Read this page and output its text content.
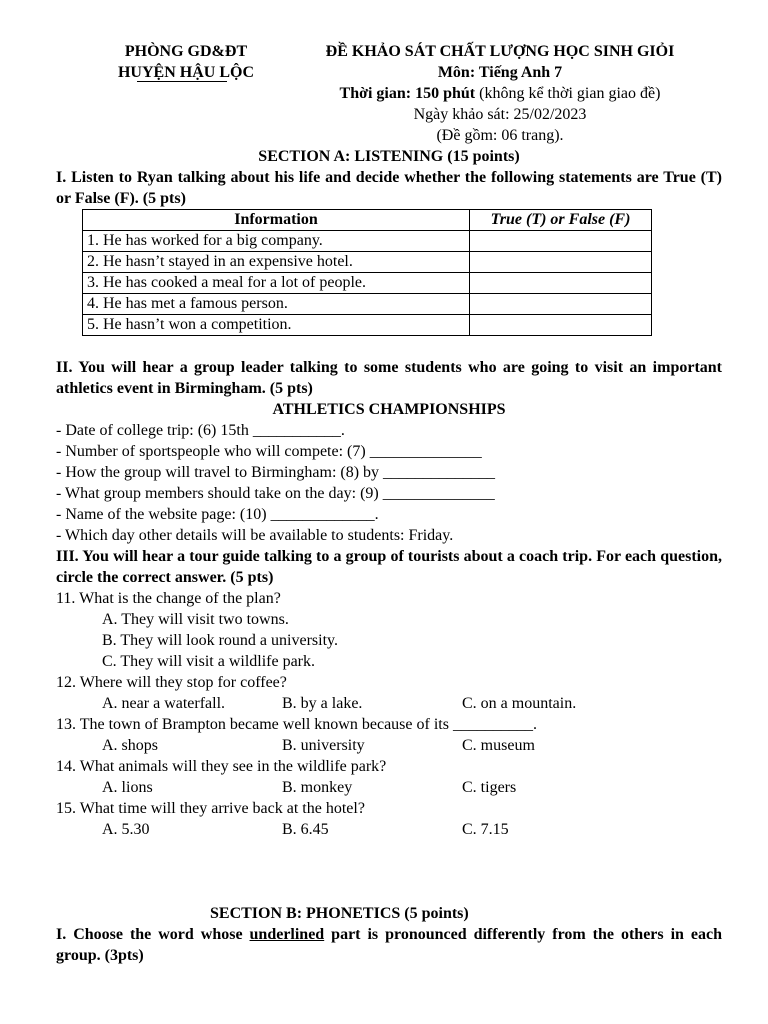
PHÒNG GD&ĐT
HUYỆN HẬU LỘC
ĐỀ KHẢO SÁT CHẤT LƯỢNG HỌC SINH GIỎI
Môn: Tiếng Anh 7
Thời gian: 150 phút (không kể thời gian giao đề)
Ngày khảo sát: 25/02/2023
(Đề gồm: 06 trang).
SECTION A: LISTENING (15 points)
I. Listen to Ryan talking about his life and decide whether the following statements are True (T) or False (F). (5 pts)
Information	True (T) or False (F)
1. He has worked for a big company.	
2. He hasn’t stayed in an expensive hotel.	
3. He has cooked a meal for a lot of people.	
4. He has met a famous person.	
5. He hasn’t won a competition.	
II. You will hear a group leader talking to some students who are going to visit an important athletics event in Birmingham. (5 pts)
ATHLETICS CHAMPIONSHIPS
- Date of college trip: (6) 15th ___________.
- Number of sportspeople who will compete: (7) ______________
- How the group will travel to Birmingham: (8) by ______________
- What group members should take on the day: (9) ______________
- Name of the website page: (10) _____________.
- Which day other details will be available to students: Friday.
III. You will hear a tour guide talking to a group of tourists about a coach trip. For each question, circle the correct answer. (5 pts)
11. What is the change of the plan?
A. They will visit two towns.
B. They will look round a university.
C. They will visit a wildlife park.
12. Where will they stop for coffee?
A. near a waterfall.	B. by a lake.	C. on a mountain.
13. The town of Brampton became well known because of its __________.
A. shops	B. university	C. museum
14. What animals will they see in the wildlife park?
A. lions	B. monkey	C. tigers
15. What time will they arrive back at the hotel?
A. 5.30	B. 6.45	C. 7.15
SECTION B: PHONETICS (5 points)
I. Choose the word whose underlined part is pronounced differently from the others in each group. (3pts)
